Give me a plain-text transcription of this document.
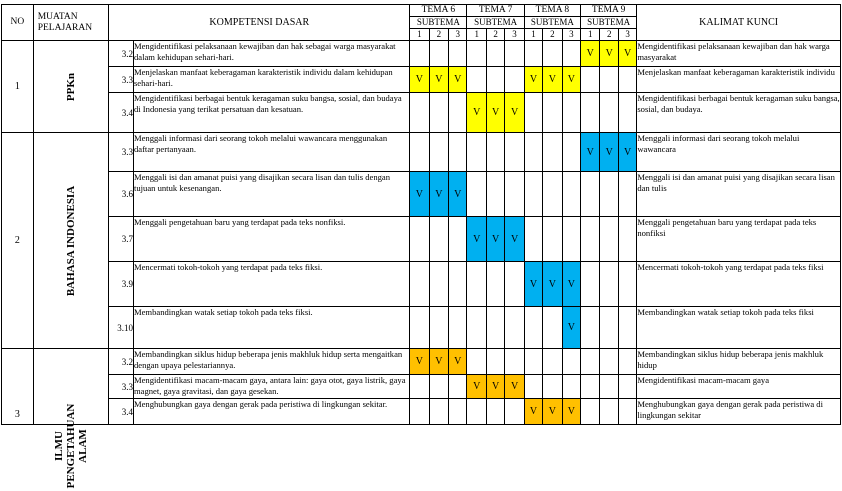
NO	MUATAN PELAJARAN	KOMPETENSI DASAR		TEMA 6			TEMA 7			TEMA 8			TEMA 9			KALIMAT KUNCI
				SUBTEMA			SUBTEMA			SUBTEMA			SUBTEMA			
				1	2	3	1	2	3	1	2	3	1	2	3	
1	PPKn	3.2	Mengidentifikasi pelaksanaan kewajiban dan hak sebagai warga masyarakat dalam kehidupan sehari-hari.										V	V	V	Mengidentifikasi pelaksanaan kewajiban dan hak warga masyarakat
		3.3	Menjelaskan manfaat keberagaman karakteristik individu dalam kehidupan sehari-hari.	V	V	V				V	V	V				Menjelaskan manfaat keberagaman karakteristik individu
		3.4	Mengidentifikasi berbagai bentuk keragaman suku bangsa, sosial, dan budaya di Indonesia yang terikat persatuan dan kesatuan.				V	V	V							Mengidentifikasi berbagai bentuk keragaman suku bangsa, sosial, dan budaya.
2	BAHASA INDONESIA	3.3	Menggali informasi dari seorang tokoh melalui wawancara menggunakan daftar pertanyaan.										V	V	V	Menggali informasi dari seorang tokoh melalui wawancara
		3.6	Menggali isi dan amanat puisi yang disajikan secara lisan dan tulis dengan tujuan untuk kesenangan.	V	V	V										Menggali isi dan amanat puisi yang disajikan secara lisan dan tulis
		3.7	Menggali pengetahuan baru yang terdapat pada teks nonfiksi.				V	V	V							Menggali pengetahuan baru yang terdapat pada teks nonfiksi
		3.9	Mencermati tokoh-tokoh yang terdapat pada teks fiksi.							V	V	V				Mencermati tokoh-tokoh yang terdapat pada teks fiksi
		3.10	Membandingkan watak setiap tokoh pada teks fiksi.									V				Membandingkan watak setiap tokoh pada teks fiksi
3	ILMU PENGETAHUAN ALAM	3.2	Membandingkan siklus hidup beberapa jenis makhluk hidup serta mengaitkan dengan upaya pelestariannya.	V	V	V										Membandingkan siklus hidup beberapa jenis makhluk hidup
		3.3	Mengidentifikasi macam-macam gaya, antara lain: gaya otot, gaya listrik, gaya magnet, gaya gravitasi, dan gaya gesekan.				V	V	V							Mengidentifikasi macam-macam gaya
		3.4	Menghubungkan gaya dengan gerak pada peristiwa di lingkungan sekitar.							V	V	V				Menghubungkan gaya dengan gerak pada peristiwa di lingkungan sekitar
